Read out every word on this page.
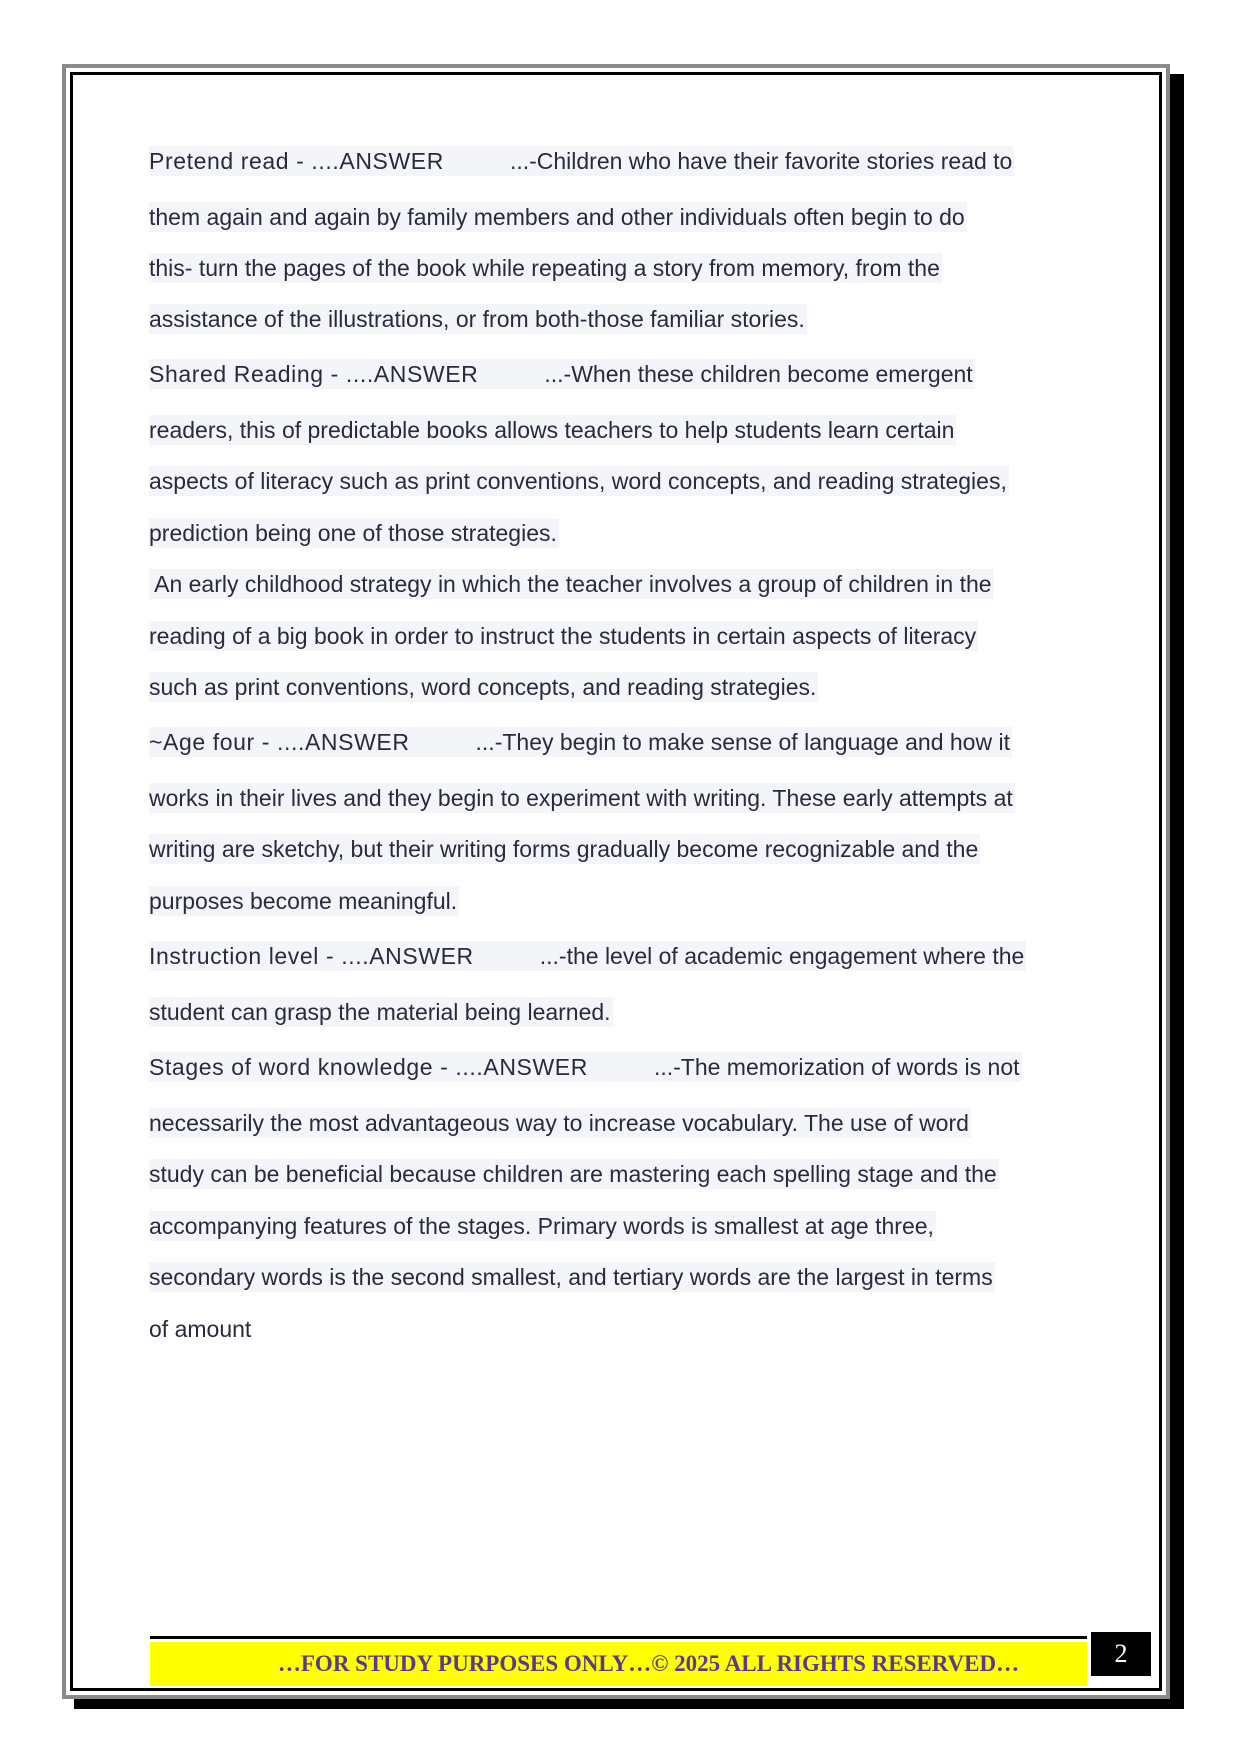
Pretend read - ....ANSWER	...-Children who have their favorite stories read to
them again and again by family members and other individuals often begin to do
this- turn the pages of the book while repeating a story from memory, from the
assistance of the illustrations, or from both-those familiar stories.
Shared Reading - ....ANSWER	...-When these children become emergent
readers, this of predictable books allows teachers to help students learn certain
aspects of literacy such as print conventions, word concepts, and reading strategies,
prediction being one of those strategies.
An early childhood strategy in which the teacher involves a group of children in the
reading of a big book in order to instruct the students in certain aspects of literacy
such as print conventions, word concepts, and reading strategies.
~Age four - ....ANSWER	...-They begin to make sense of language and how it
works in their lives and they begin to experiment with writing. These early attempts at
writing are sketchy, but their writing forms gradually become recognizable and the
purposes become meaningful.
Instruction level - ....ANSWER	...-the level of academic engagement where the
student can grasp the material being learned.
Stages of word knowledge - ....ANSWER	...-The memorization of words is not
necessarily the most advantageous way to increase vocabulary. The use of word
study can be beneficial because children are mastering each spelling stage and the
accompanying features of the stages. Primary words is smallest at age three,
secondary words is the second smallest, and tertiary words are the largest in terms
of amount
…FOR STUDY PURPOSES ONLY…© 2025 ALL RIGHTS RESERVED…	2
